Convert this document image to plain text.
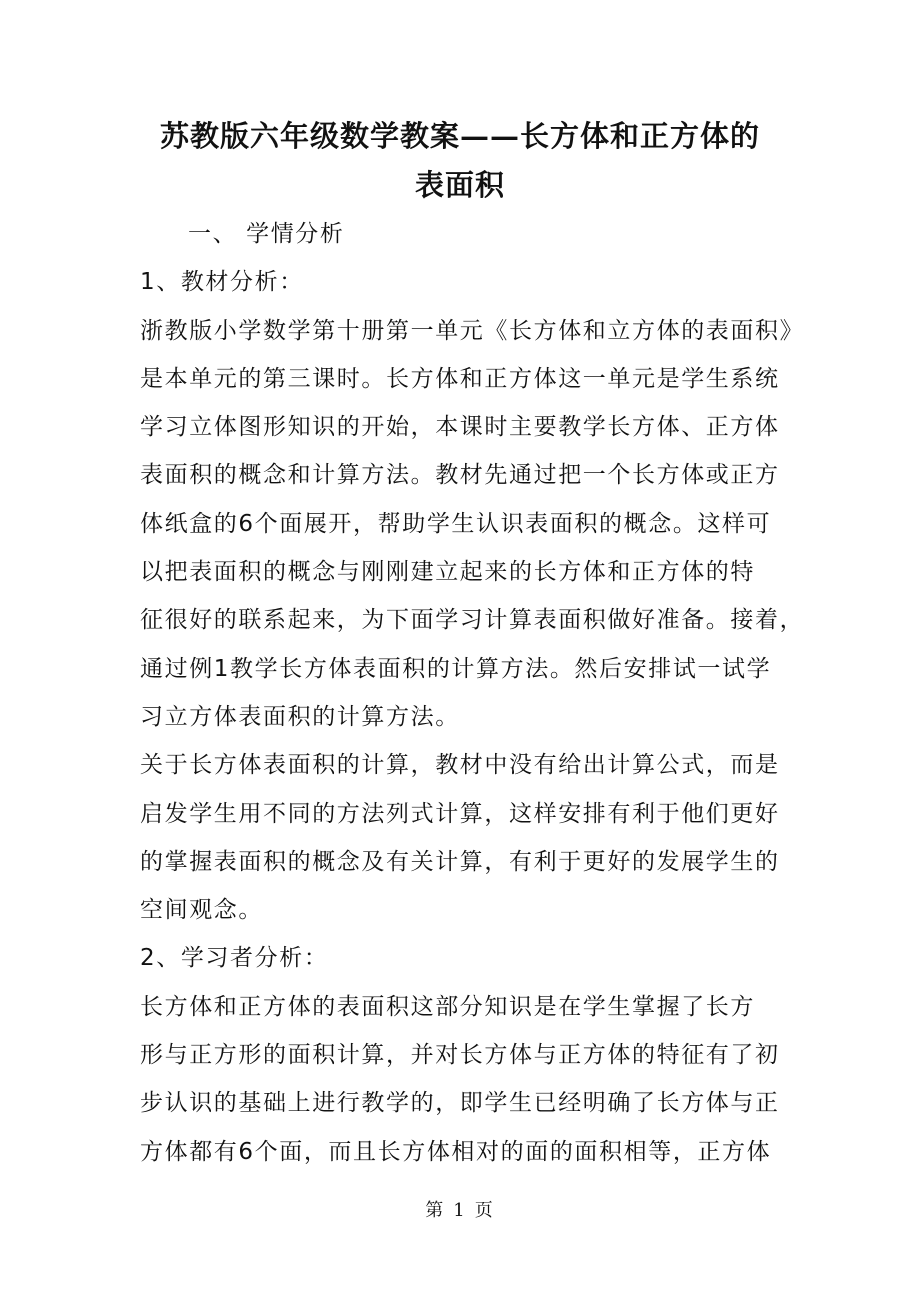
苏教版六年级数学教案——长方体和正方体的
表面积

一、 学情分析

1、教材分析：

浙教版小学数学第十册第一单元《长方体和立方体的表面积》

是本单元的第三课时。长方体和正方体这一单元是学生系统

学习立体图形知识的开始，本课时主要教学长方体、正方体

表面积的概念和计算方法。教材先通过把一个长方体或正方

体纸盒的6个面展开，帮助学生认识表面积的概念。这样可

以把表面积的概念与刚刚建立起来的长方体和正方体的特

征很好的联系起来，为下面学习计算表面积做好准备。接着，

通过例1教学长方体表面积的计算方法。然后安排试一试学

习立方体表面积的计算方法。

关于长方体表面积的计算，教材中没有给出计算公式，而是

启发学生用不同的方法列式计算，这样安排有利于他们更好

的掌握表面积的概念及有关计算，有利于更好的发展学生的

空间观念。

2、学习者分析：

长方体和正方体的表面积这部分知识是在学生掌握了长方

形与正方形的面积计算，并对长方体与正方体的特征有了初

步认识的基础上进行教学的，即学生已经明确了长方体与正

方体都有6个面，而且长方体相对的面的面积相等，正方体

第 1 页
